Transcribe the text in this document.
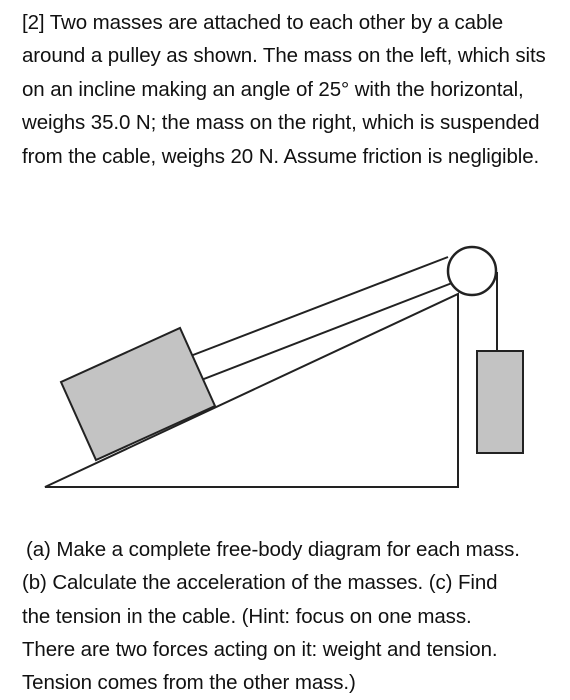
[2] Two masses are attached to each other by a cable around a pulley as shown. The mass on the left, which sits on an incline making an angle of 25° with the horizontal, weighs 35.0 N; the mass on the right, which is suspended from the cable, weighs 20 N. Assume friction is negligible.

(a) Make a complete free-body diagram for each mass.
(b) Calculate the acceleration of the masses. (c) Find
the tension in the cable. (Hint: focus on one mass.
There are two forces acting on it: weight and tension.
Tension comes from the other mass.)
